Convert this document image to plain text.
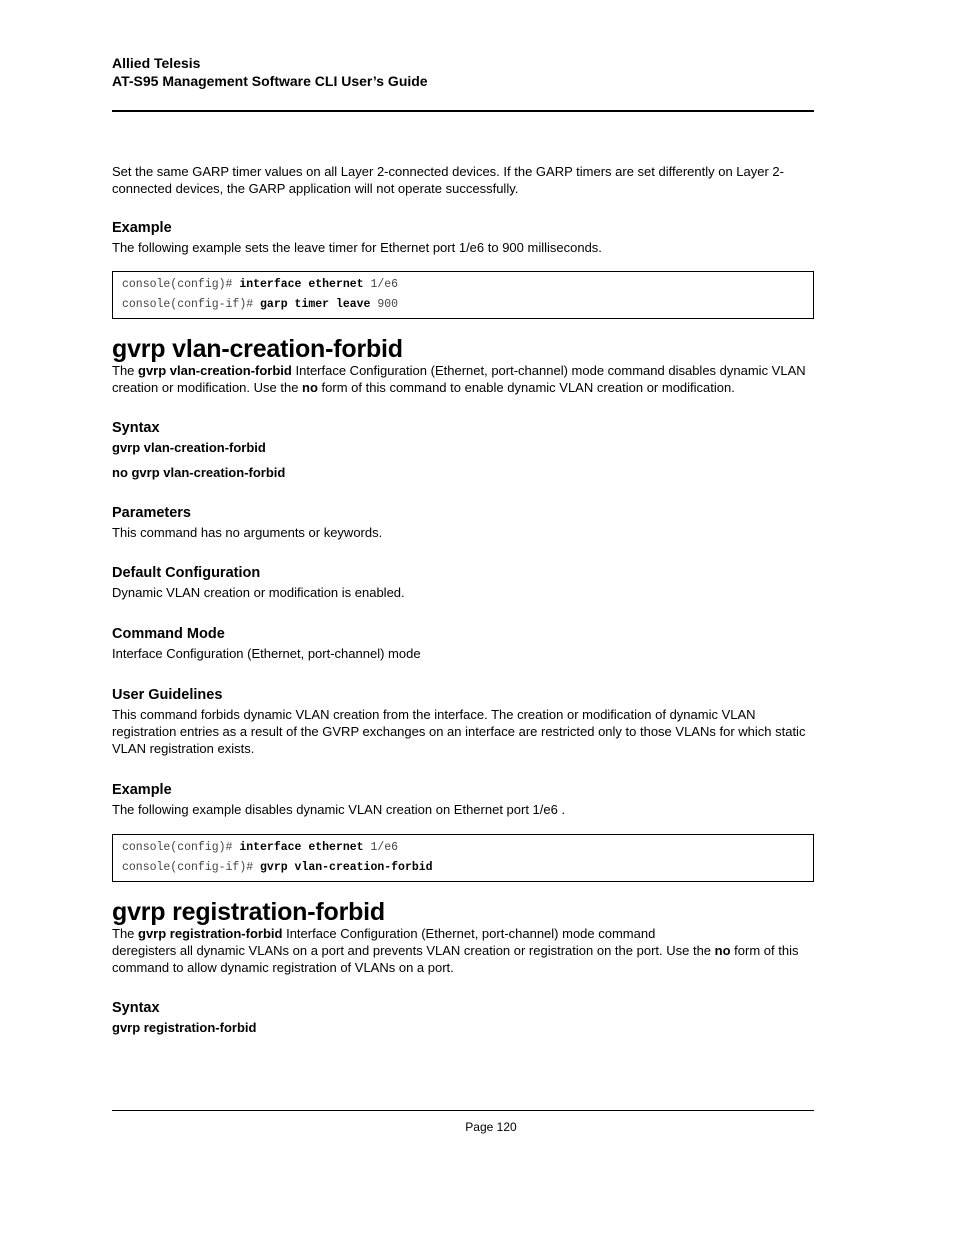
Allied Telesis
AT-S95 Management Software CLI User’s Guide

Set the same GARP timer values on all Layer 2-connected devices. If the GARP timers are set differently on Layer 2-connected devices, the GARP application will not operate successfully.

Example

The following example sets the leave timer for Ethernet port 1/e6 to 900 milliseconds.

console(config)# interface ethernet 1/e6
console(config-if)# garp timer leave 900
gvrp vlan-creation-forbid

The gvrp vlan-creation-forbid Interface Configuration (Ethernet, port-channel) mode command disables dynamic VLAN creation or modification. Use the no form of this command to enable dynamic VLAN creation or modification.

Syntax

gvrp vlan-creation-forbid

no gvrp vlan-creation-forbid

Parameters

This command has no arguments or keywords.

Default Configuration

Dynamic VLAN creation or modification is enabled.

Command Mode

Interface Configuration (Ethernet, port-channel) mode

User Guidelines

This command forbids dynamic VLAN creation from the interface. The creation or modification of dynamic VLAN registration entries as a result of the GVRP exchanges on an interface are restricted only to those VLANs for which static VLAN registration exists.

Example

The following example disables dynamic VLAN creation on Ethernet port 1/e6 .

console(config)# interface ethernet 1/e6
console(config-if)# gvrp vlan-creation-forbid
gvrp registration-forbid

The gvrp registration-forbid Interface Configuration (Ethernet, port-channel) mode command
deregisters all dynamic VLANs on a port and prevents VLAN creation or registration on the port. Use the no form of this command to allow dynamic registration of VLANs on a port.

Syntax

gvrp registration-forbid

Page 120
